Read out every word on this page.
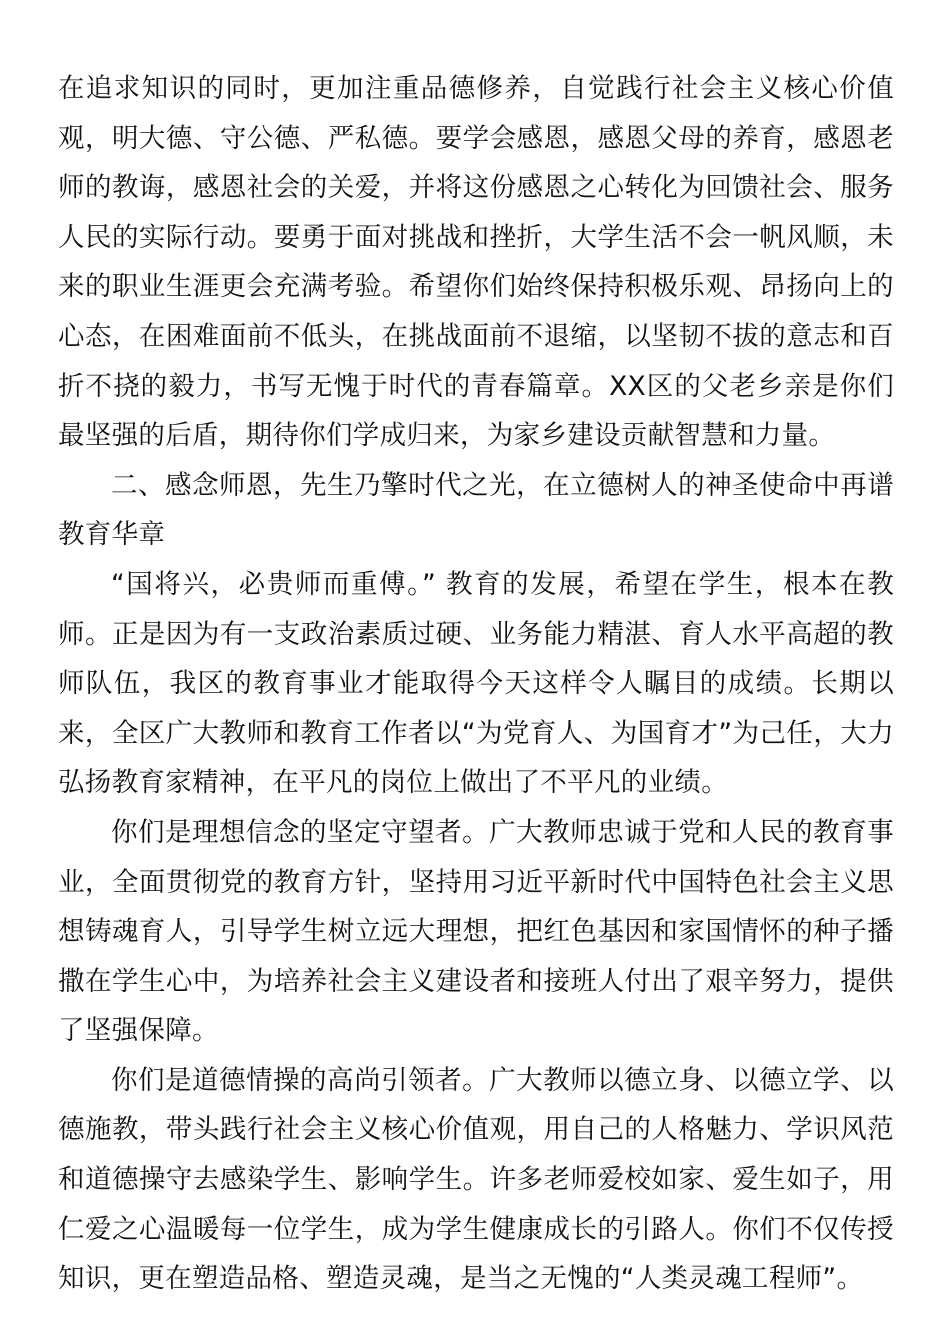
在追求知识的同时，更加注重品德修养，自觉践行社会主义核心价值观，明大德、守公德、严私德。要学会感恩，感恩父母的养育，感恩老师的教诲，感恩社会的关爱，并将这份感恩之心转化为回馈社会、服务人民的实际行动。要勇于面对挑战和挫折，大学生活不会一帆风顺，未来的职业生涯更会充满考验。希望你们始终保持积极乐观、昂扬向上的心态，在困难面前不低头，在挑战面前不退缩，以坚韧不拔的意志和百折不挠的毅力，书写无愧于时代的青春篇章。XX区的父老乡亲是你们最坚强的后盾，期待你们学成归来，为家乡建设贡献智慧和力量。

二、感念师恩，先生乃擎时代之光，在立德树人的神圣使命中再谱教育华章

“国将兴，必贵师而重傅。” 教育的发展，希望在学生，根本在教师。正是因为有一支政治素质过硬、业务能力精湛、育人水平高超的教师队伍，我区的教育事业才能取得今天这样令人瞩目的成绩。长期以来，全区广大教师和教育工作者以“为党育人、为国育才”为己任，大力弘扬教育家精神，在平凡的岗位上做出了不平凡的业绩。

你们是理想信念的坚定守望者。广大教师忠诚于党和人民的教育事业，全面贯彻党的教育方针，坚持用习近平新时代中国特色社会主义思想铸魂育人，引导学生树立远大理想，把红色基因和家国情怀的种子播撒在学生心中，为培养社会主义建设者和接班人付出了艰辛努力，提供了坚强保障。

你们是道德情操的高尚引领者。广大教师以德立身、以德立学、以德施教，带头践行社会主义核心价值观，用自己的人格魅力、学识风范和道德操守去感染学生、影响学生。许多老师爱校如家、爱生如子，用仁爱之心温暖每一位学生，成为学生健康成长的引路人。你们不仅传授知识，更在塑造品格、塑造灵魂，是当之无愧的“人类灵魂工程师”。
